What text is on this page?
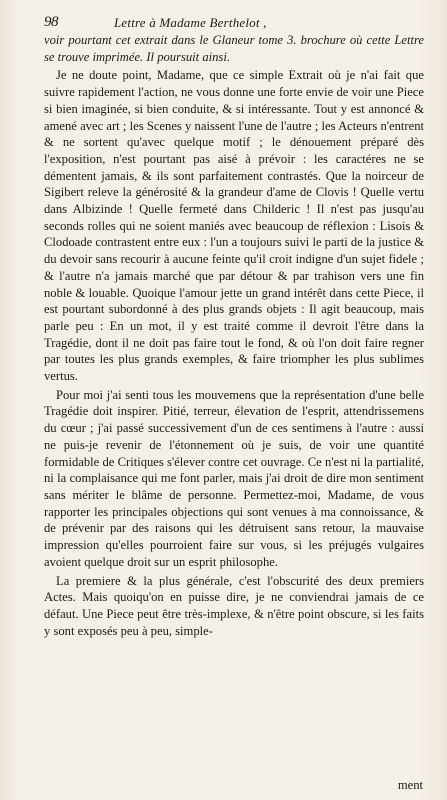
98	Lettre à Madame Berthelot ,

voir pourtant cet extrait dans le Glaneur tome 3. brochure où cette Lettre se trouve imprimée. Il poursuit ainsi.

Je ne doute point, Madame, que ce simple Extrait où je n'ai fait que suivre rapidement l'action, ne vous donne une forte envie de voir une Piece si bien imaginée, si bien conduite, & si intéressante. Tout y est annoncé & amené avec art ; les Scenes y naissent l'une de l'autre ; les Acteurs n'entrent & ne sortent qu'avec quelque motif ; le dénouement préparé dès l'exposition, n'est pourtant pas aisé à prévoir : les caractéres ne se démentent jamais, & ils sont parfaitement contrastés. Que la noirceur de Sigibert releve la générosité & la grandeur d'ame de Clovis ! Quelle vertu dans Albizinde ! Quelle fermeté dans Childeric ! Il n'est pas jusqu'au seconds rolles qui ne soient maniés avec beaucoup de réflexion : Lisois & Clodoade contrastent entre eux : l'un a toujours suivi le parti de la justice & du devoir sans recourir à aucune feinte qu'il croit indigne d'un sujet fidele ; & l'autre n'a jamais marché que par détour & par trahison vers une fin noble & louable. Quoique l'amour jette un grand intérêt dans cette Piece, il est pourtant subordonné à des plus grands objets : Il agit beaucoup, mais parle peu : En un mot, il y est traité comme il devroit l'être dans la Tragédie, dont il ne doit pas faire tout le fond, & où l'on doit faire regner par toutes les plus grands exemples, & faire triompher les plus sublimes vertus.

Pour moi j'ai senti tous les mouvemens que la représentation d'une belle Tragédie doit inspirer. Pitié, terreur, élevation de l'esprit, attendrissemens du cœur ; j'ai passé successivement d'un de ces sentimens à l'autre : aussi ne puis-je revenir de l'étonnement où je suis, de voir une quantité formidable de Critiques s'élever contre cet ouvrage. Ce n'est ni la partialité, ni la complaisance qui me font parler, mais j'ai droit de dire mon sentiment sans mériter le blâme de personne. Permettez-moi, Madame, de vous rapporter les principales objections qui sont venues à ma connoissance, & de prévenir par des raisons qui les détruisent sans retour, la mauvaise impression qu'elles pourroient faire sur vous, si les préjugés vulgaires avoient quelque droit sur un esprit philosophe.

La premiere & la plus générale, c'est l'obscurité des deux premiers Actes. Mais quoiqu'on en puisse dire, je ne conviendrai jamais de ce défaut. Une Piece peut être très-implexe, & n'être point obscure, si les faits y sont exposés peu à peu, simple-

ment
